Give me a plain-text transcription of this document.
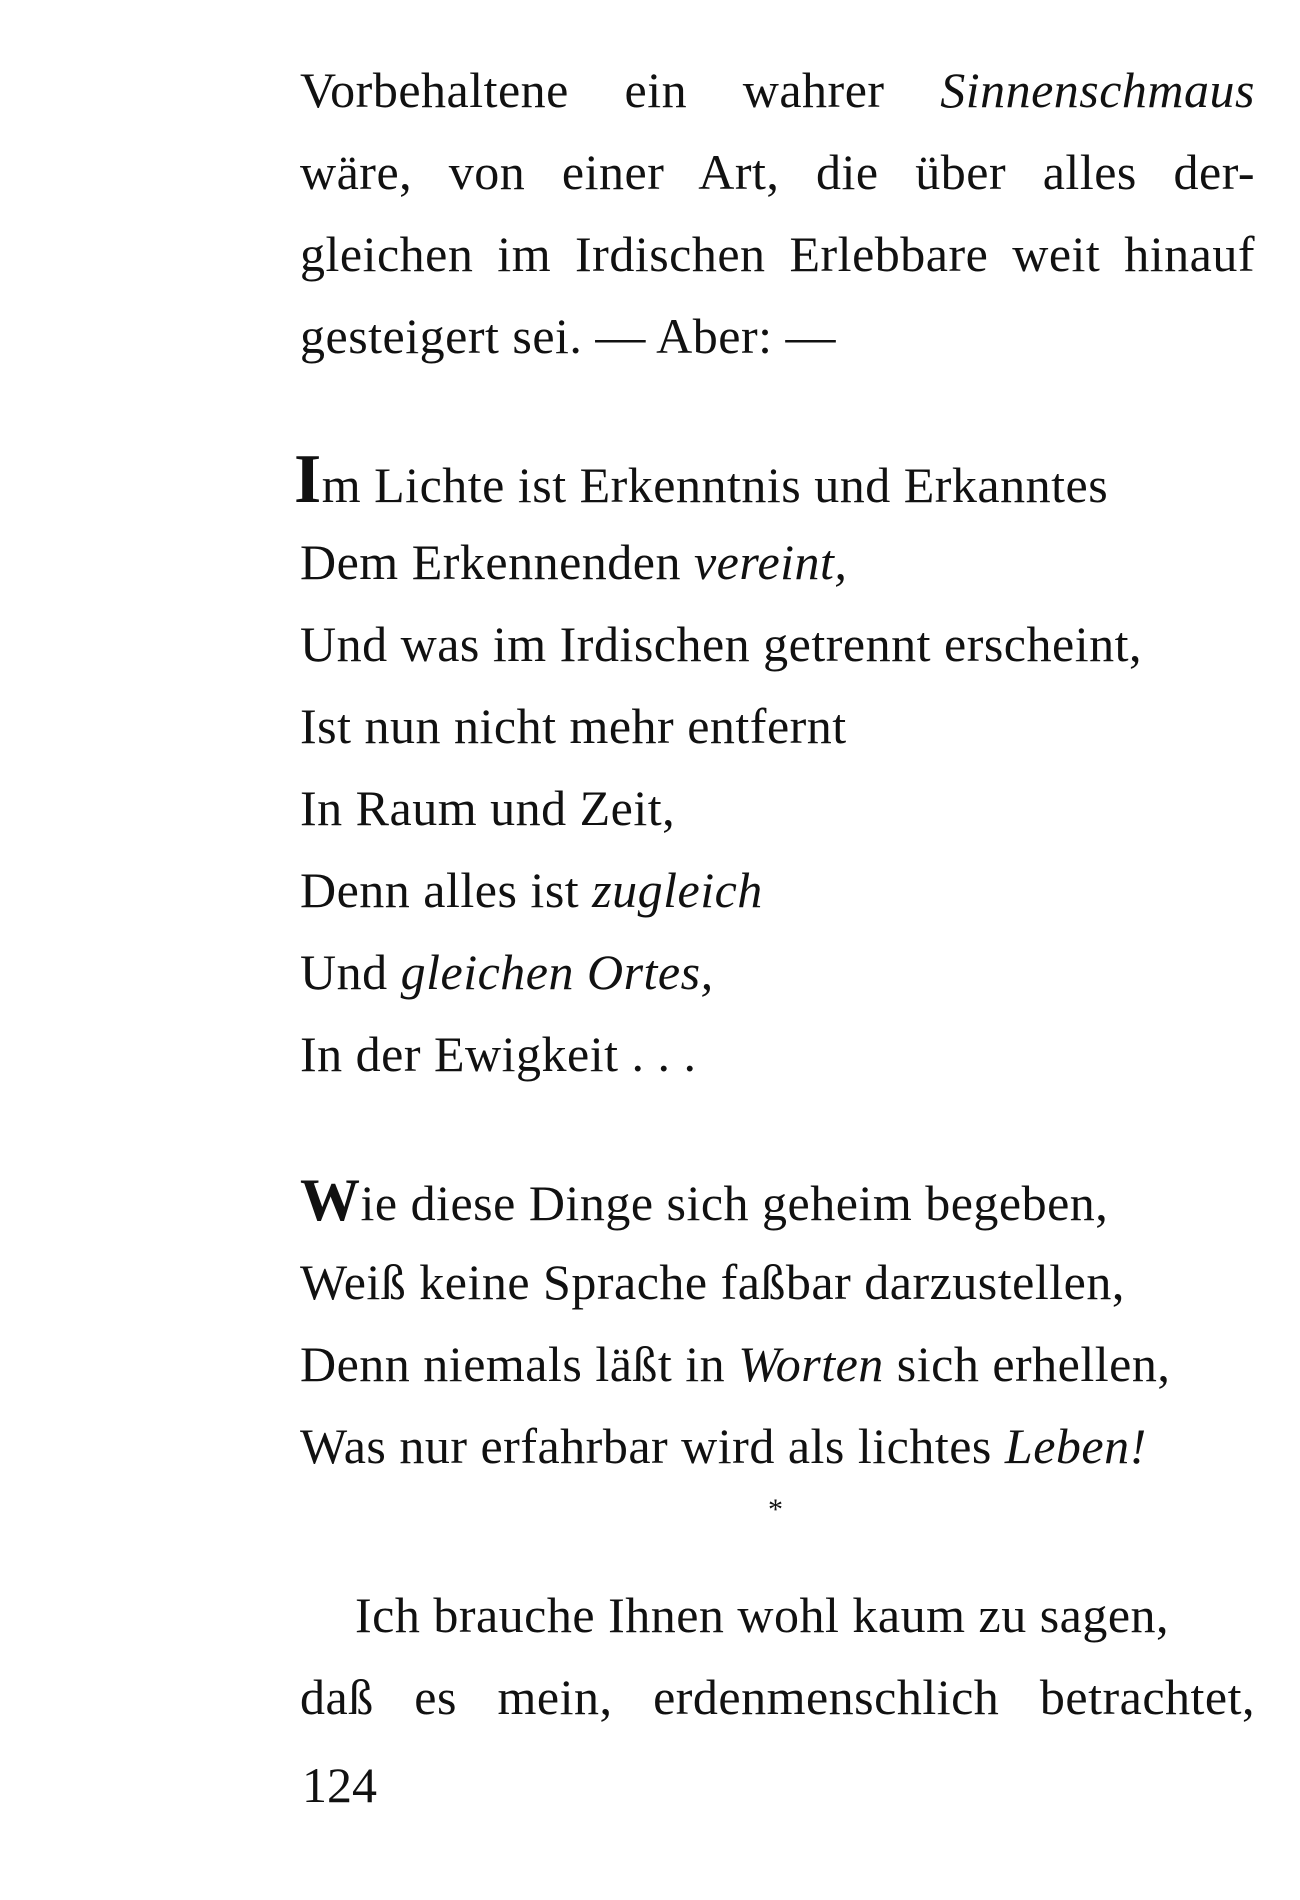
Vorbehaltene ein wahrer Sinnenschmaus
wäre, von einer Art, die über alles der-
gleichen im Irdischen Erlebbare weit hinauf
gesteigert sei. — Aber: —
Im Lichte ist Erkenntnis und Erkanntes
Dem Erkennenden vereint,
Und was im Irdischen getrennt erscheint,
Ist nun nicht mehr entfernt
In Raum und Zeit,
Denn alles ist zugleich
Und gleichen Ortes,
In der Ewigkeit . . .
Wie diese Dinge sich geheim begeben,
Weiß keine Sprache faßbar darzustellen,
Denn niemals läßt in Worten sich erhellen,
Was nur erfahrbar wird als lichtes Leben!
*
Ich brauche Ihnen wohl kaum zu sagen,
daß es mein, erdenmenschlich betrachtet,
124
